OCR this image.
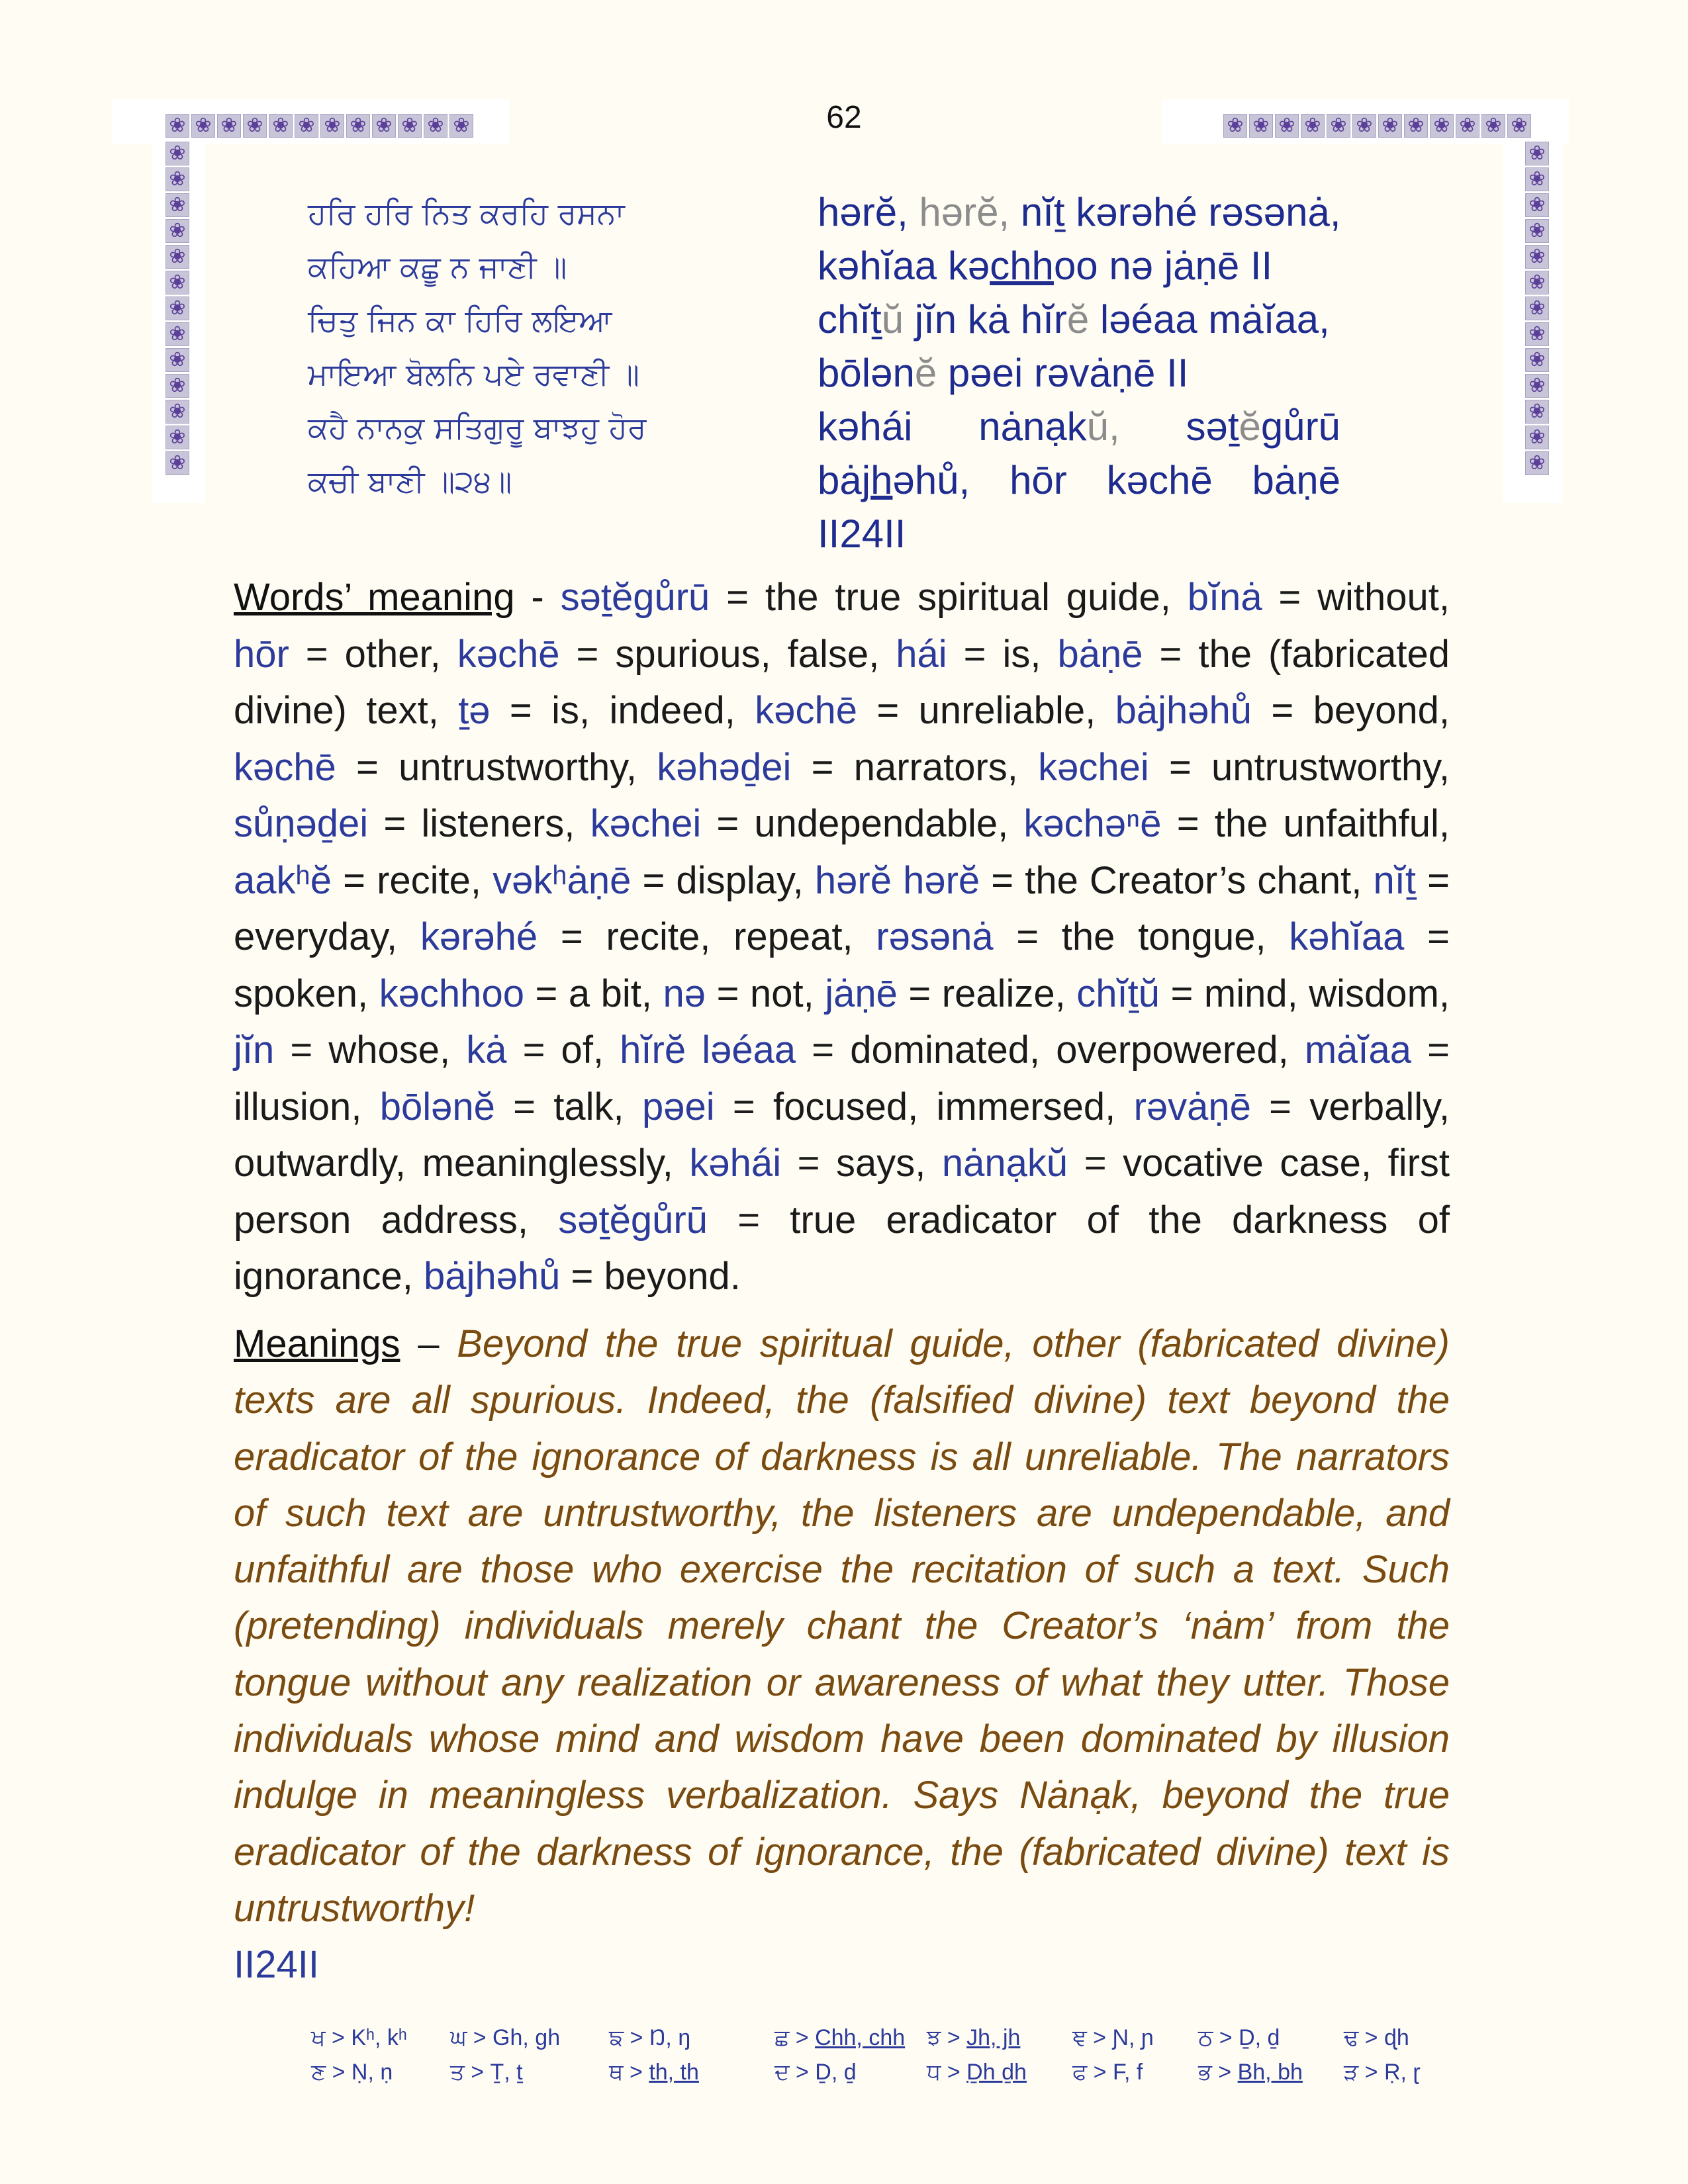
❀ ❀ ❀ ❀ ❀ ❀ ❀ ❀ ❀ ❀ ❀ ❀
❀
❀
❀
❀
❀
❀
❀
❀
❀
❀
❀
❀
❀
❀ ❀ ❀ ❀ ❀ ❀ ❀ ❀ ❀ ❀ ❀ ❀
❀
❀
❀
❀
❀
❀
❀
❀
❀
❀
❀
❀
❀
62
ਹਰਿ ਹਰਿ ਨਿਤ ਕਰਹਿ ਰਸਨਾ
ਕਹਿਆ ਕਛੂ ਨ ਜਾਣੀ ॥
ਚਿਤੁ ਜਿਨ ਕਾ ਹਿਰਿ ਲਇਆ
ਮਾਇਆ ਬੋਲਨਿ ਪਏ ਰਵਾਣੀ ॥
ਕਹੈ ਨਾਨਕੁ ਸਤਿਗੁਰੂ ਬਾਝਹੁ ਹੋਰ
ਕਚੀ ਬਾਣੀ ॥੨੪॥
hərĕ, hərĕ, nĭṯ kərəhé rəsənȧ,
kəhĭaa kəchhoo nə jȧṇē II
chĭṯŭ jĭn kȧ hĭrĕ ləéaa mȧĭaa,
bōlənĕ pəei rəvȧṇē II
kəhái nȧnạkŭ, səṯĕgůrū
bȧjhəhů, hōr kəchē bȧṇē
II24II
Words’ meaning - səṯĕgůrū = the true spiritual guide, bĭnȧ = without, hōr = other, kəchē = spurious, false, hái = is, bȧṇē = the (fabricated divine) text, ṯə = is, indeed, kəchē = unreliable, bȧjhəhů = beyond, kəchē = untrustworthy, kəhəḏei = narrators, kəchei = untrustworthy, sůṇəḏei = listeners, kəchei = undependable, kəchəⁿē = the unfaithful, aakʰĕ = recite, vəkʰȧṇē = display, hərĕ hərĕ = the Creator’s chant, nĭṯ = everyday, kərəhé = recite, repeat, rəsənȧ = the tongue, kəhĭaa = spoken, kəchhoo = a bit, nə = not, jȧṇē = realize, chĭṯŭ = mind, wisdom, jĭn = whose, kȧ = of, hĭrĕ ləéaa = dominated, overpowered, mȧĭaa = illusion, bōlənĕ = talk, pəei = focused, immersed, rəvȧṇē = verbally, outwardly, meaninglessly, kəhái = says, nȧnạkŭ = vocative case, first person address, səṯĕgůrū = true eradicator of the darkness of ignorance, bȧjhəhů = beyond.
Meanings – Beyond the true spiritual guide, other (fabricated divine) texts are all spurious. Indeed, the (falsified divine) text beyond the eradicator of the ignorance of darkness is all unreliable. The narrators of such text are untrustworthy, the listeners are undependable, and unfaithful are those who exercise the recitation of such a text. Such (pretending) individuals merely chant the Creator’s ‘nȧm’ from the tongue without any realization or awareness of what they utter. Those individuals whose mind and wisdom have been dominated by illusion indulge in meaningless verbalization. Says Nȧnạk, beyond the true eradicator of the darkness of ignorance, the (fabricated divine) text is untrustworthy!
II24II
ਖ > Kʰ, kʰ ਘ > Gh, gh ਙ > Ŋ, ŋ	ਛ > Chh, chh ਝ > Jh, jh ਞ > Ɲ, ɲ ਠ > Ḏ, ḏ	ਢ > ɖh
ਣ > Ṇ, ṇ	ਤ > Ṯ, ṯ	ਥ > th, th	ਦ > Ḏ, ḏ	ਧ > Ḏh ḏh ਫ > F, f ਭ > Bh, bh ੜ > Ṛ, ɽ
